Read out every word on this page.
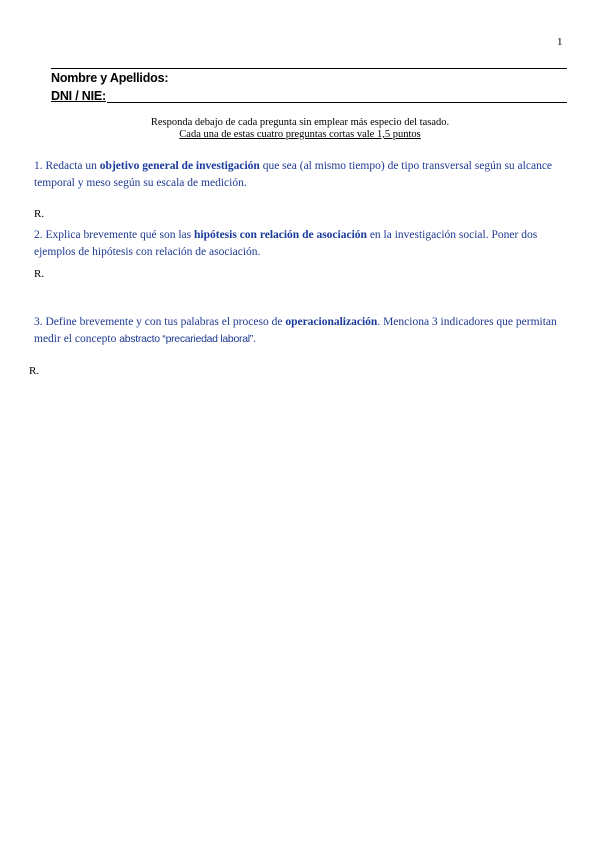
1
Nombre y Apellidos:
DNI / NIE:
Responda debajo de cada pregunta sin emplear más especio del tasado.
Cada una de estas cuatro preguntas cortas vale 1,5 puntos
1. Redacta un objetivo general de investigación que sea (al mismo tiempo) de tipo transversal según su alcance temporal y meso según su escala de medición.
R.
2. Explica brevemente qué son las hipótesis con relación de asociación en la investigación social. Poner dos ejemplos de hipótesis con relación de asociación.
R.
3. Define brevemente y con tus palabras el proceso de operacionalización. Menciona 3 indicadores que permitan medir el concepto abstracto “precariedad laboral”.
R.
